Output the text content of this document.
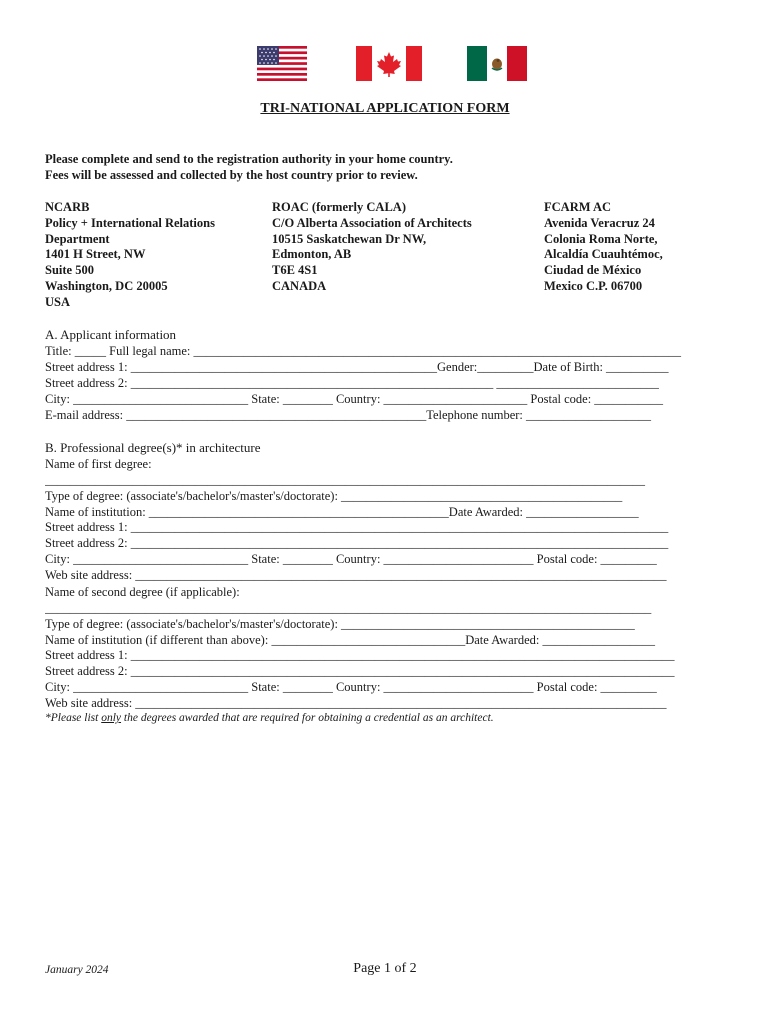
TRI-NATIONAL APPLICATION FORM
Please complete and send to the registration authority in your home country.
Fees will be assessed and collected by the host country prior to review.
NCARB
Policy + International Relations
Department
1401 H Street, NW
Suite 500
Washington, DC 20005
USA
ROAC (formerly CALA)
C/O Alberta Association of Architects
10515 Saskatchewan Dr NW,
Edmonton, AB
T6E 4S1
CANADA
FCARM AC
Avenida Veracruz 24
Colonia Roma Norte,
Alcaldía Cuauhtémoc,
Ciudad de México
Mexico C.P. 06700
A. Applicant information
Title: _____ Full legal name: ______________________________________________________________________________
Street address 1: _________________________________________________Gender:_________Date of Birth: __________
Street address 2: __________________________________________________________ __________________________
City: ____________________________ State: ________ Country: _______________________ Postal code: ___________
E-mail address: ________________________________________________Telephone number: ____________________
B. Professional degree(s)* in architecture
Name of first degree:
________________________________________________________________________________________________
Type of degree: (associate's/bachelor's/master's/doctorate): _____________________________________________
Name of institution: ________________________________________________Date Awarded: __________________
Street address 1: ______________________________________________________________________________________
Street address 2: ______________________________________________________________________________________
City: ____________________________ State: ________ Country: ________________________ Postal code: _________
Web site address: _____________________________________________________________________________________
Name of second degree (if applicable):
_________________________________________________________________________________________________
Type of degree: (associate's/bachelor's/master's/doctorate): _______________________________________________
Name of institution (if different than above): _______________________________Date Awarded: __________________
Street address 1: _______________________________________________________________________________________
Street address 2: _______________________________________________________________________________________
City: ____________________________ State: ________ Country: ________________________ Postal code: _________
Web site address: _____________________________________________________________________________________
*Please list only the degrees awarded that are required for obtaining a credential as an architect.
January 2024	Page 1 of 2
